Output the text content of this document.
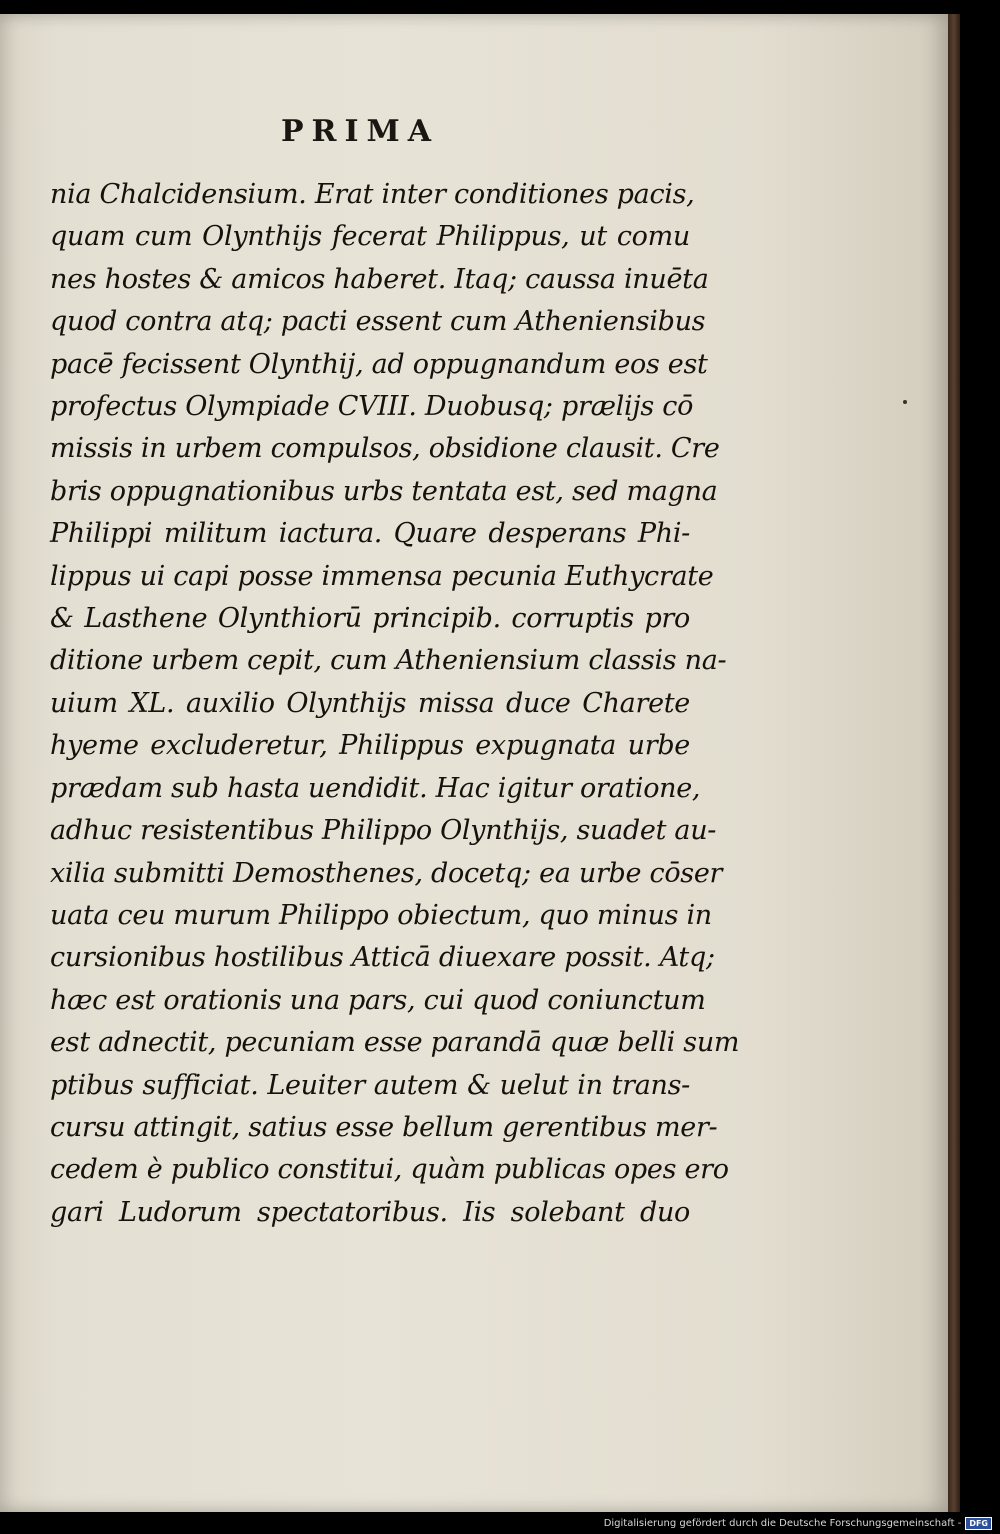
PRIMA
nia Chalcidensium. Erat inter conditiones pacis,
quam cum Olynthijs fecerat Philippus, ut comu
nes hostes & amicos haberet. Itaq; caussa inuēta
quod contra atq; pacti essent cum Atheniensibus
pacē fecissent Olynthij, ad oppugnandum eos est
profectus Olympiade CVIII. Duobusq; prælijs cō
missis in urbem compulsos, obsidione clausit. Cre
bris oppugnationibus urbs tentata est, sed magna
Philippi militum iactura. Quare desperans Phi-
lippus ui capi posse immensa pecunia Euthycrate
& Lasthene Olynthiorū principib. corruptis pro
ditione urbem cepit, cum Atheniensium classis na-
uium XL. auxilio Olynthijs missa duce Charete
hyeme excluderetur, Philippus expugnata urbe
prædam sub hasta uendidit. Hac igitur oratione,
adhuc resistentibus Philippo Olynthijs, suadet au-
xilia submitti Demosthenes, docetq; ea urbe cōser
uata ceu murum Philippo obiectum, quo minus in
cursionibus hostilibus Atticā diuexare possit. Atq;
hæc est orationis una pars, cui quod coniunctum
est adnectit, pecuniam esse parandā quæ belli sum
ptibus sufficiat. Leuiter autem & uelut in trans-
cursu attingit, satius esse bellum gerentibus mer-
cedem è publico constitui, quàm publicas opes ero
gari Ludorum spectatoribus. Iis solebant duo
Digitalisierung gefördert durch die Deutsche Forschungsgemeinschaft -	DFG
